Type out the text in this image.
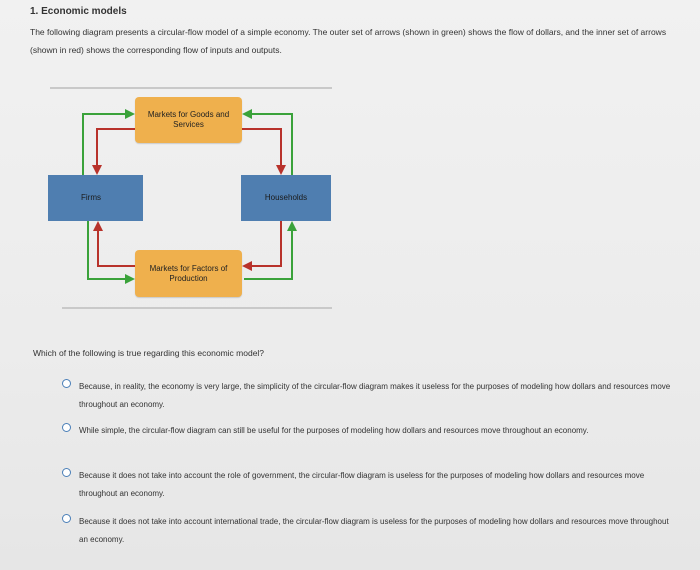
1. Economic models
The following diagram presents a circular-flow model of a simple economy. The outer set of arrows (shown in green) shows the flow of dollars, and the inner set of arrows (shown in red) shows the corresponding flow of inputs and outputs.
Markets for Goods and Services
Markets for Factors of Production
Firms	Households
Which of the following is true regarding this economic model?
Because, in reality, the economy is very large, the simplicity of the circular-flow diagram makes it useless for the purposes of modeling how dollars and resources move throughout an economy.
While simple, the circular-flow diagram can still be useful for the purposes of modeling how dollars and resources move throughout an economy.
Because it does not take into account the role of government, the circular-flow diagram is useless for the purposes of modeling how dollars and resources move throughout an economy.
Because it does not take into account international trade, the circular-flow diagram is useless for the purposes of modeling how dollars and resources move throughout an economy.
